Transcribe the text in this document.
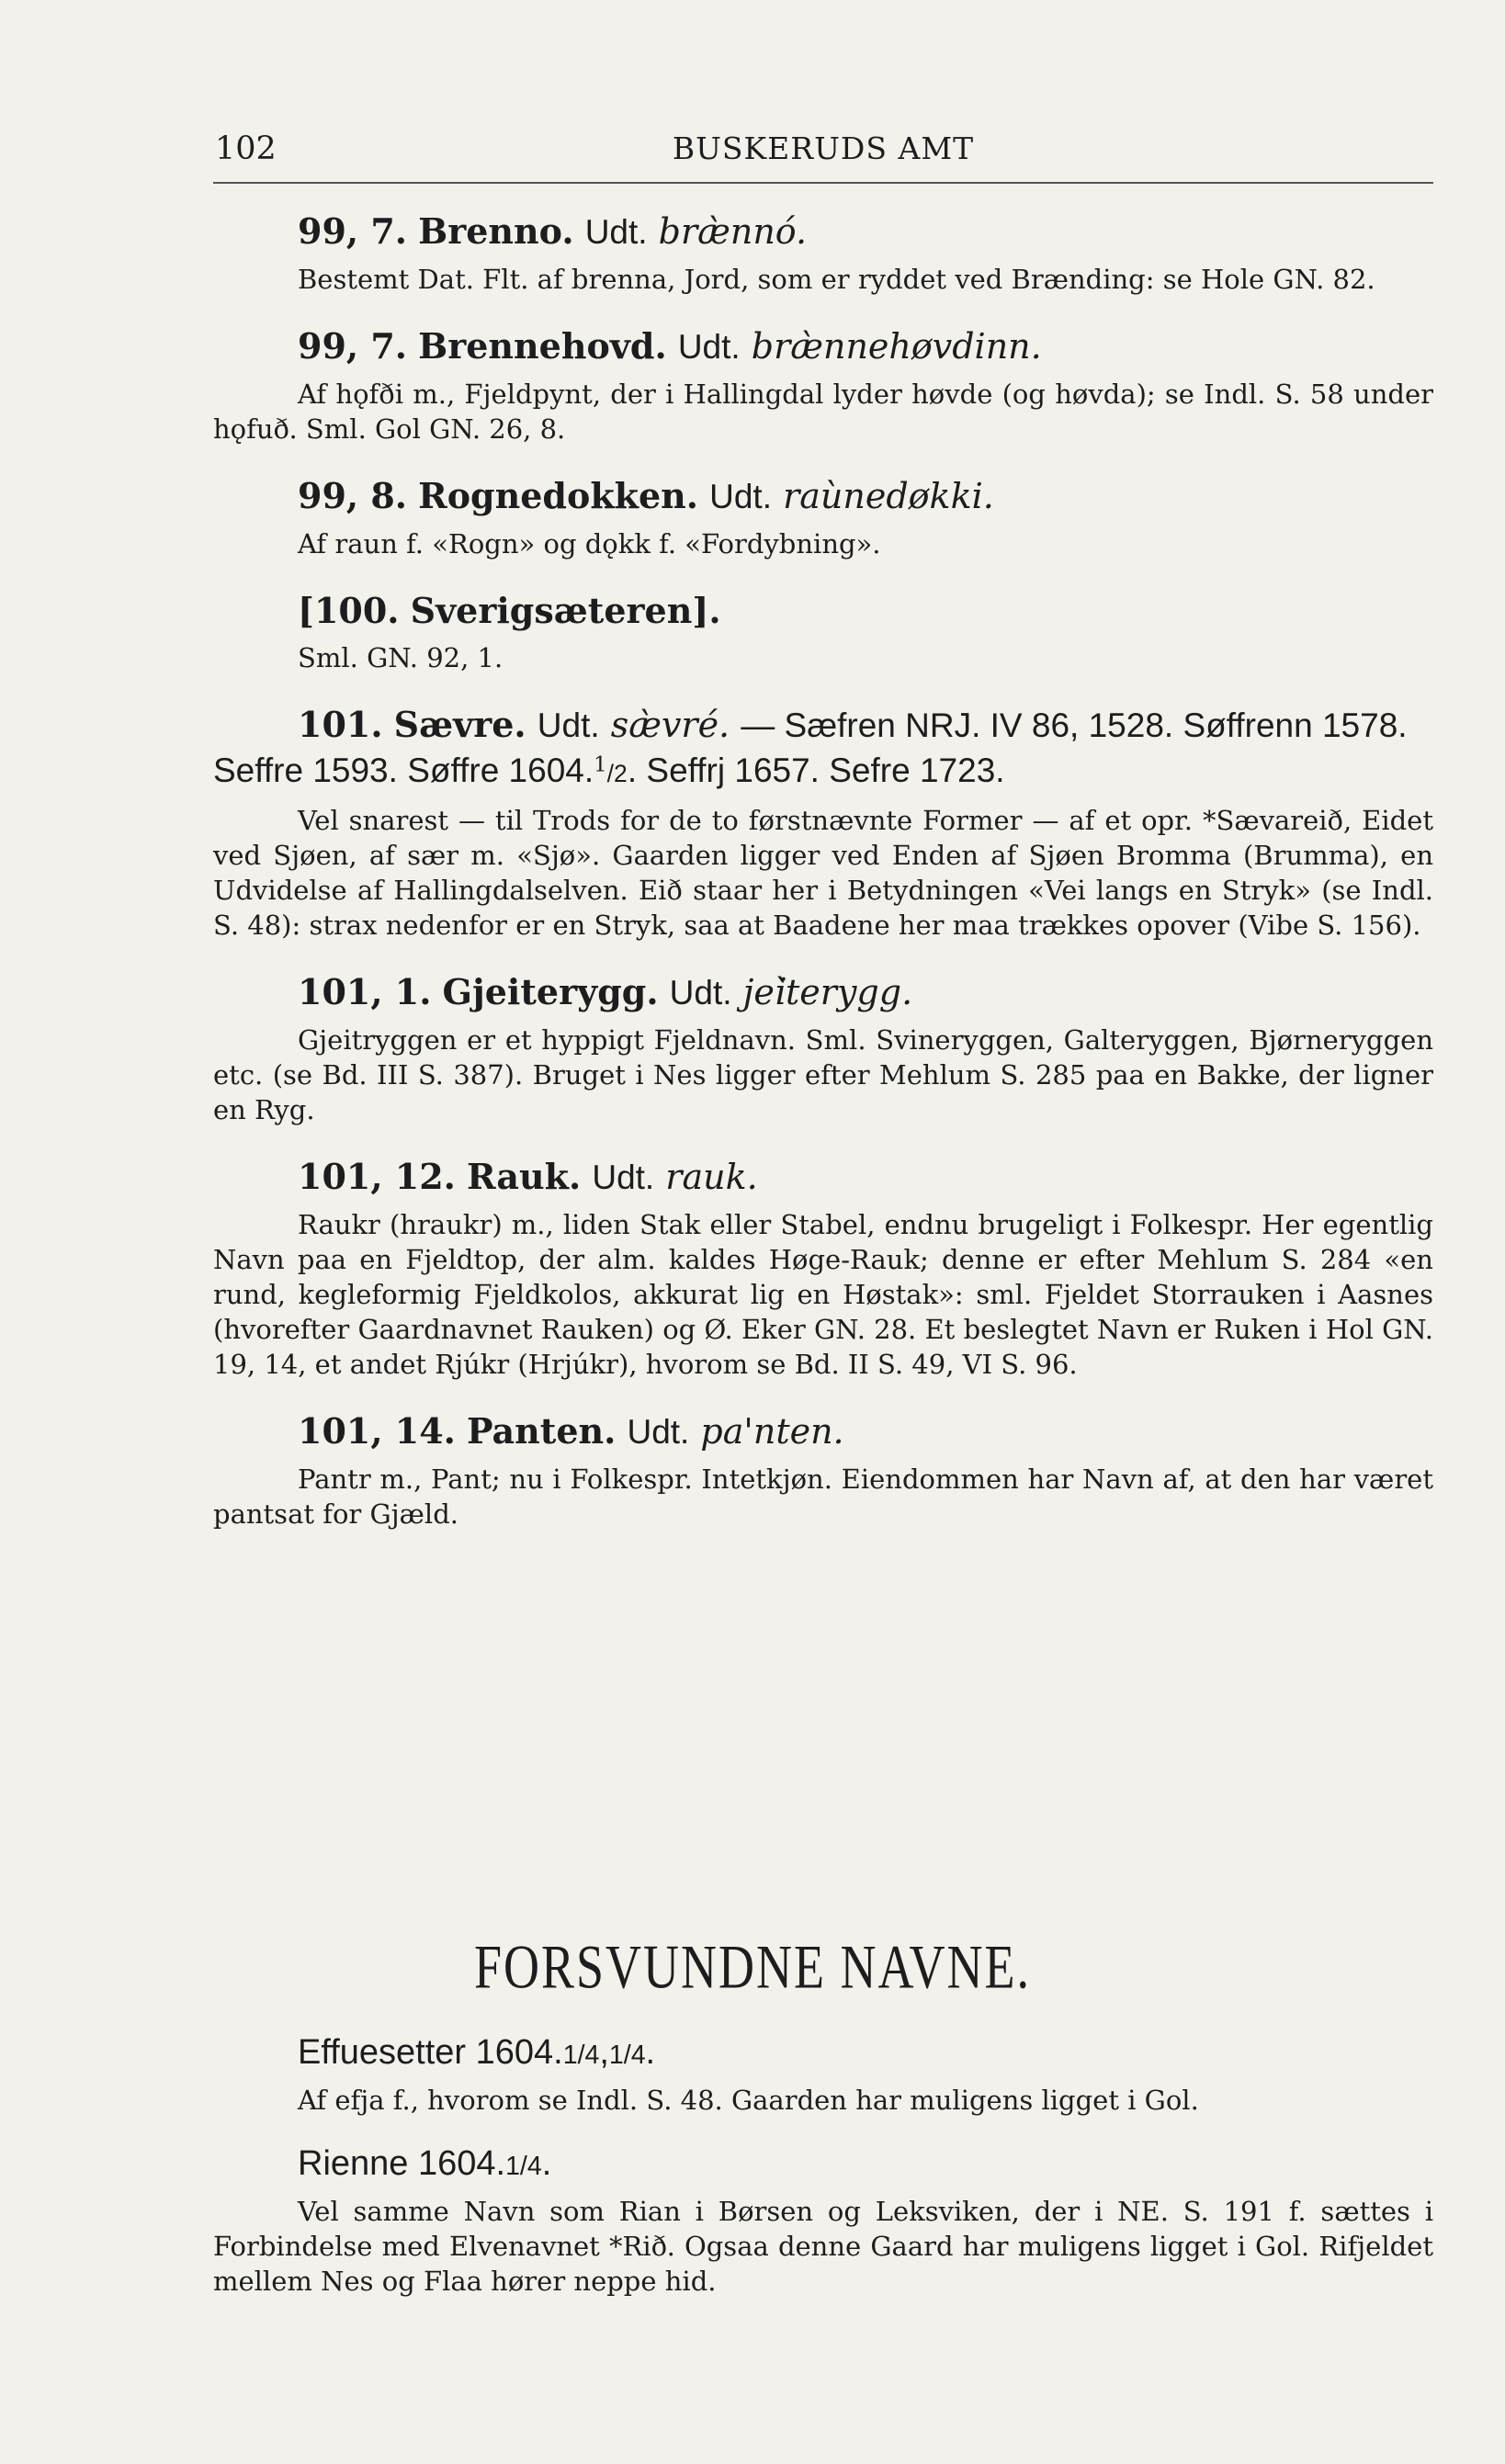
102	BUSKERUDS AMT
99, 7. Brenno. Udt. bræ̀nnó.
Bestemt Dat. Flt. af brenna, Jord, som er ryddet ved Brænding: se Hole GN. 82.
99, 7. Brennehovd. Udt. bræ̀nnehøvdinn.
Af hǫfði m., Fjeldpynt, der i Hallingdal lyder høvde (og høvda); se Indl. S. 58 under hǫfuð. Sml. Gol GN. 26, 8.
99, 8. Rognedokken. Udt. raùnedøkki.
Af raun f. «Rogn» og dǫkk f. «Fordybning».
[100. Sverigsæteren].
Sml. GN. 92, 1.
101. Sævre. Udt. sæ̀vré. — Sæfren NRJ. IV 86, 1528. Søffrenn 1578. Seffre 1593. Søffre 1604.$^1$/2. Seffrj 1657. Sefre 1723.
Vel snarest — til Trods for de to førstnævnte Former — af et opr. *Sævareið, Eidet ved Sjøen, af sær m. «Sjø». Gaarden ligger ved Enden af Sjøen Bromma (Brumma), en Udvidelse af Hallingdalselven. Eið staar her i Betydningen «Vei langs en Stryk» (se Indl. S. 48): strax nedenfor er en Stryk, saa at Baadene her maa trækkes opover (Vibe S. 156).
101, 1. Gjeiterygg. Udt. jei̇̀terygg.
Gjeitryggen er et hyppigt Fjeldnavn. Sml. Svineryggen, Galteryggen, Bjørneryggen etc. (se Bd. III S. 387). Bruget i Nes ligger efter Mehlum S. 285 paa en Bakke, der ligner en Ryg.
101, 12. Rauk. Udt. rauk.
Raukr (hraukr) m., liden Stak eller Stabel, endnu brugeligt i Folkespr. Her egentlig Navn paa en Fjeldtop, der alm. kaldes Høge-Rauk; denne er efter Mehlum S. 284 «en rund, kegleformig Fjeldkolos, akkurat lig en Høstak»: sml. Fjeldet Storrauken i Aasnes (hvorefter Gaardnavnet Rauken) og Ø. Eker GN. 28. Et beslegtet Navn er Ruken i Hol GN. 19, 14, et andet Rjúkr (Hrjúkr), hvorom se Bd. II S. 49, VI S. 96.
101, 14. Panten. Udt. pa'nten.
Pantr m., Pant; nu i Folkespr. Intetkjøn. Eiendommen har Navn af, at den har været pantsat for Gjæld.
FORSVUNDNE NAVNE.
Effuesetter 1604.1/4,1/4.
Af efja f., hvorom se Indl. S. 48. Gaarden har muligens ligget i Gol.
Rienne 1604.1/4.
Vel samme Navn som Rian i Børsen og Leksviken, der i NE. S. 191 f. sættes i Forbindelse med Elvenavnet *Rið. Ogsaa denne Gaard har muligens ligget i Gol. Rifjeldet mellem Nes og Flaa hører neppe hid.
